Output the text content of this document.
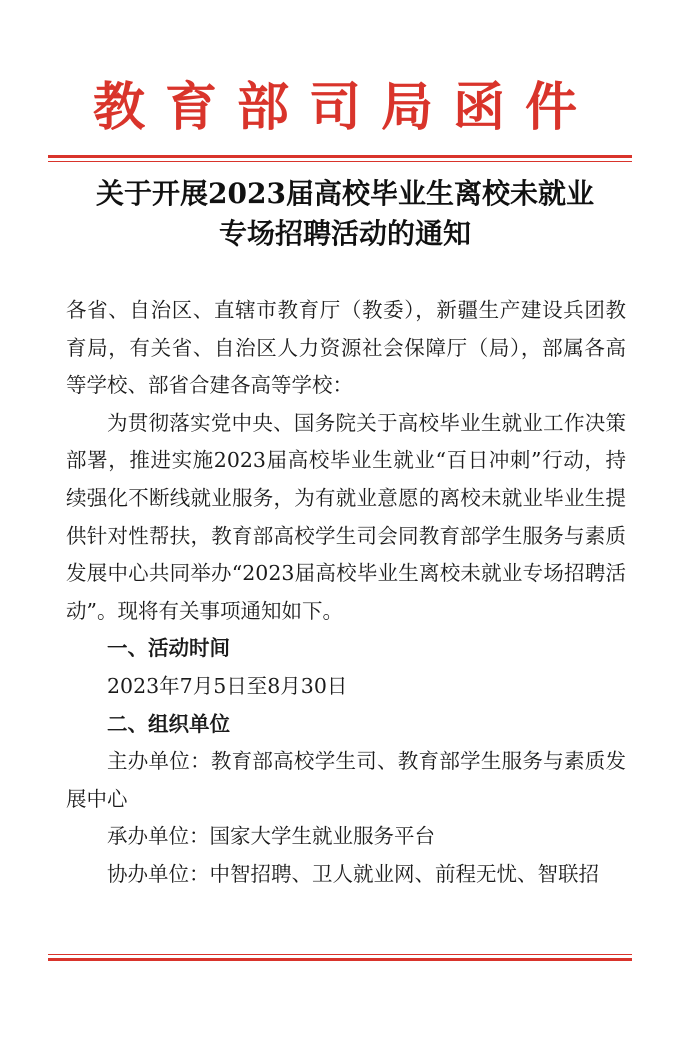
教育部司局函件
关于开展2023届高校毕业生离校未就业
专场招聘活动的通知

各省、自治区、直辖市教育厅（教委），新疆生产建设兵团教育局，有关省、自治区人力资源社会保障厅（局），部属各高等学校、部省合建各高等学校：

为贯彻落实党中央、国务院关于高校毕业生就业工作决策部署，推进实施2023届高校毕业生就业“百日冲刺”行动，持续强化不断线就业服务，为有就业意愿的离校未就业毕业生提供针对性帮扶，教育部高校学生司会同教育部学生服务与素质发展中心共同举办“2023届高校毕业生离校未就业专场招聘活动”。现将有关事项通知如下。

一、活动时间

2023年7月5日至8月30日

二、组织单位

主办单位：教育部高校学生司、教育部学生服务与素质发展中心

承办单位：国家大学生就业服务平台

协办单位：中智招聘、卫人就业网、前程无忧、智联招
